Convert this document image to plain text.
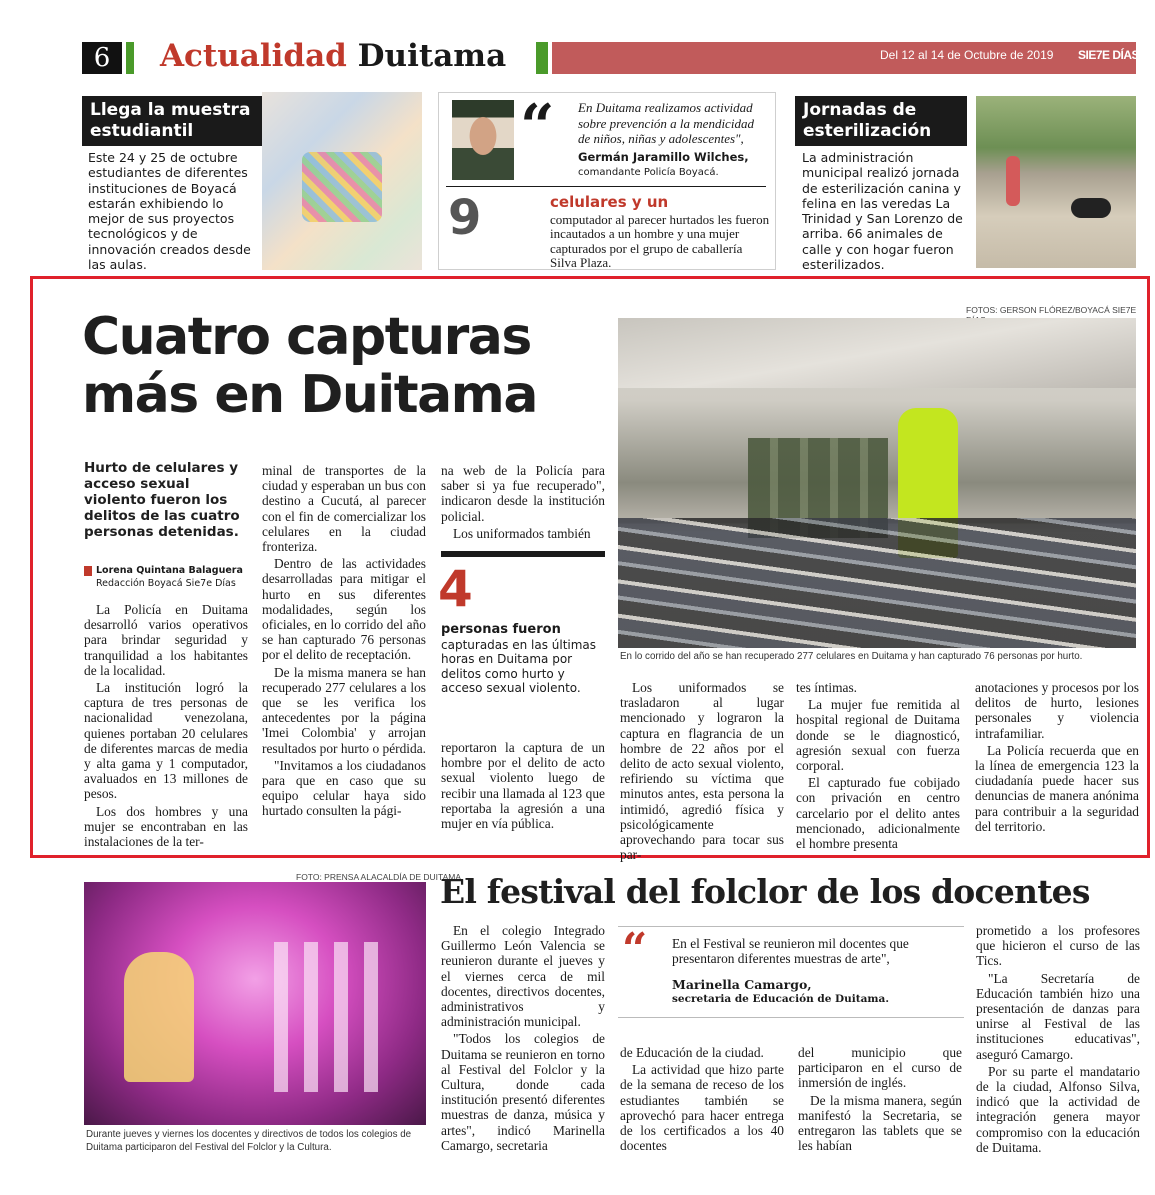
6	Actualidad Duitama	Del 12 al 14 de Octubre de 2019 SIE7E DÍAS
Llega la muestra estudiantil
Este 24 y 25 de octubre estudiantes de diferentes instituciones de Boyacá estarán exhibiendo lo mejor de sus proyectos tecnológicos y de innovación creados desde las aulas.
“ En Duitama realizamos actividad sobre prevención a la mendicidad de niños, niñas y adolescentes",
Germán Jaramillo Wilches,
comandante Policía Boyacá.
9	celulares y un
computador al parecer hurtados les fueron incautados a un hombre y una mujer capturados por el grupo de caballería Silva Plaza.
Jornadas de esterilización
La administración municipal realizó jornada de esterilización canina y felina en las veredas La Trinidad y San Lorenzo de arriba. 66 animales de calle y con hogar fueron esterilizados.
Cuatro capturas más en Duitama
FOTOS: GERSON FLÓREZ/BOYACÁ SIE7E
En lo corrido del año se han recuperado 277 celulares en Duitama y han capturado 76 personas por hurto.
Hurto de celulares y acceso sexual violento fueron los delitos de las cuatro personas detenidas.
Lorena Quintana Balaguera
Redacción Boyacá Sie7e Días

La Policía en Duitama desarrolló varios operativos para brindar seguridad y tranquilidad a los habitantes de la localidad.

La institución logró la captura de tres personas de nacionalidad venezolana, quienes portaban 20 celulares de diferentes marcas de media y alta gama y 1 computador, avaluados en 13 millones de pesos.

Los dos hombres y una mujer se encontraban en las instalaciones de la ter-

minal de transportes de la ciudad y esperaban un bus con destino a Cucutá, al parecer con el fin de comercializar los celulares en la ciudad fronteriza.

Dentro de las actividades desarrolladas para mitigar el hurto en sus diferentes modalidades, según los oficiales, en lo corrido del año se han capturado 76 personas por el delito de receptación.

De la misma manera se han recuperado 277 celulares a los que se les verifica los antecedentes por la página 'Imei Colombia' y arrojan resultados por hurto o pérdida.

"Invitamos a los ciudadanos para que en caso que su equipo celular haya sido hurtado consulten la pági-

na web de la Policía para saber si ya fue recuperado", indicaron desde la institución policial.

Los uniformados también

4
personas fueron
capturadas en las últimas horas en Duitama por delitos como hurto y acceso sexual violento.

reportaron la captura de un hombre por el delito de acto sexual violento luego de recibir una llamada al 123 que reportaba la agresión a una mujer en vía pública.

Los uniformados se trasladaron al lugar mencionado y lograron la captura en flagrancia de un hombre de 22 años por el delito de acto sexual violento, refiriendo su víctima que minutos antes, esta persona la intimidó, agredió física y psicológicamente aprovechando para tocar sus par-

tes íntimas.

La mujer fue remitida al hospital regional de Duitama donde se le diagnosticó, agresión sexual con fuerza corporal.

El capturado fue cobijado con privación en centro carcelario por el delito antes mencionado, adicionalmente el hombre presenta

anotaciones y procesos por los delitos de hurto, lesiones personales y violencia intrafamiliar.

La Policía recuerda que en la línea de emergencia 123 la ciudadanía puede hacer sus denuncias de manera anónima para contribuir a la seguridad del territorio.

FOTO: PRENSA ALACALDÍA DE DUITAMA
Durante jueves y viernes los docentes y directivos de todos los colegios de Duitama participaron del Festival del Folclor y la Cultura.
El festival del folclor de los docentes

En el colegio Integrado Guillermo León Valencia se reunieron durante el jueves y el viernes cerca de mil docentes, directivos docentes, administrativos y administración municipal.

"Todos los colegios de Duitama se reunieron en torno al Festival del Folclor y la Cultura, donde cada institución presentó diferentes muestras de danza, música y artes", indicó Marinella Camargo, secretaria

“ En el Festival se reunieron mil docentes que presentaron diferentes muestras de arte",
Marinella Camargo,
secretaria de Educación de Duitama.

de Educación de la ciudad.

La actividad que hizo parte de la semana de receso de los estudiantes también se aprovechó para hacer entrega de los certificados a los 40 docentes

del municipio que participaron en el curso de inmersión de inglés.

De la misma manera, según manifestó la Secretaria, se entregaron las tablets que se les habían

prometido a los profesores que hicieron el curso de las Tics.

"La Secretaría de Educación también hizo una presentación de danzas para unirse al Festival de las instituciones educativas", aseguró Camargo.

Por su parte el mandatario de la ciudad, Alfonso Silva, indicó que la actividad de integración genera mayor compromiso con la educación de Duitama.
